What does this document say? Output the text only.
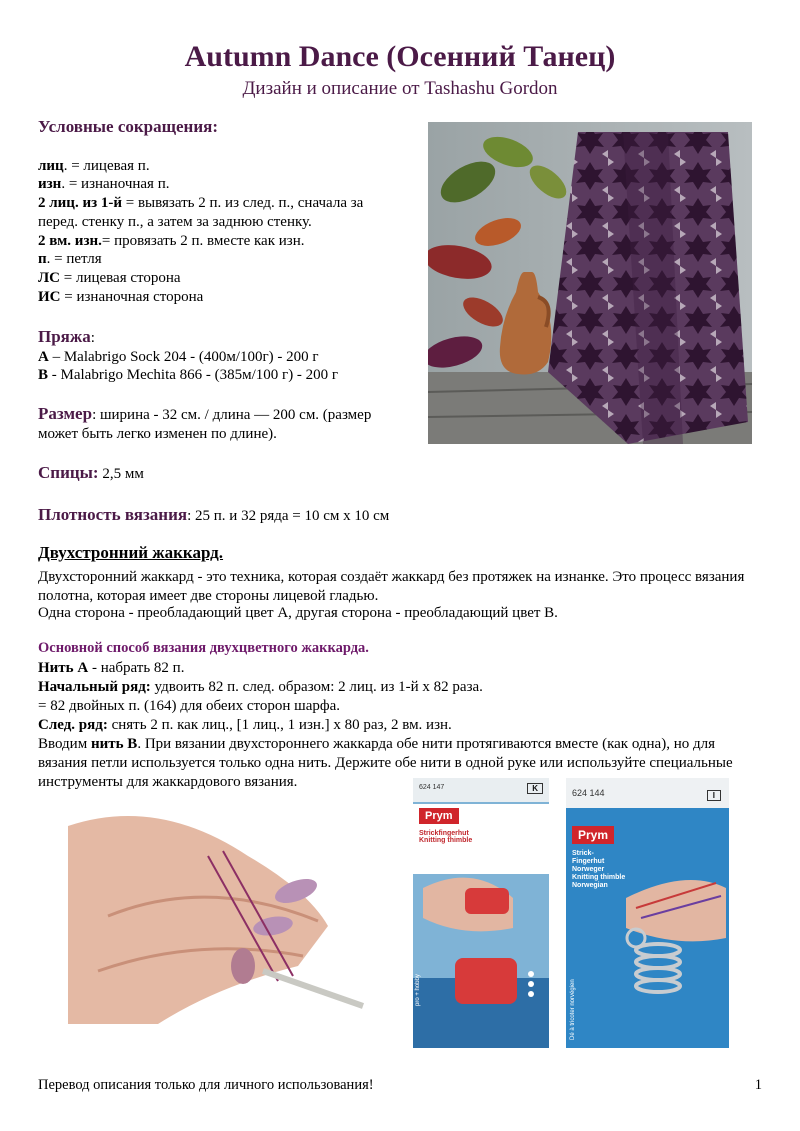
Autumn Dance (Осенний Танец)
Дизайн и описание от Tashashu Gordon
Условные сокращения:
лиц. = лицевая п.
изн. = изнаночная п.
2 лиц. из 1-й = вывязать 2 п. из след. п., сначала за
перед. стенку п., а затем за заднюю стенку.
2 вм. изн.= провязать 2 п. вместе как изн.
п. = петля
ЛС = лицевая сторона
ИС = изнаночная сторона
Пряжа:
А – Malabrigo Sock 204 - (400м/100г) - 200 г
В - Malabrigo Mechita 866 - (385м/100 г) - 200 г
Размер: ширина - 32 см. / длина — 200 см. (размер
может быть легко изменен по длине).
Спицы: 2,5 мм
Плотность вязания: 25 п. и 32 ряда = 10 см х 10 см
Двухстронний жаккард.
Двухсторонний жаккард - это техника, которая создаёт жаккард без протяжек на изнанке. Это процесс вязания полотна, которая имеет две стороны лицевой гладью.
Одна сторона - преобладающий цвет А, другая сторона - преобладающий цвет В.
Основной способ вязания двухцветного жаккарда.
Нить А - набрать 82 п.
Начальный ряд: удвоить 82 п. след. образом: 2 лиц. из 1-й х 82 раза.
= 82 двойных п. (164) для обеих сторон шарфа.
След. ряд: снять 2 п. как лиц., [1 лиц., 1 изн.] х 80 раз, 2 вм. изн.
Вводим нить В. При вязании двухстороннего жаккарда обе нити протягиваются вместе (как одна), но для вязания петли используется только одна нить. Держите обе нити в одной руке или используйте специальные инструменты для жаккардового вязания.	624 147	K
Prym
Strickfingerhut
Knitting thimble
pro + hobby
624 144	I
Prym
Strick-
Fingerhut
Norweger
Knitting thimble
Norwegian
Dé à tricoter norvégien
Перевод описания только для личного использования!	1
